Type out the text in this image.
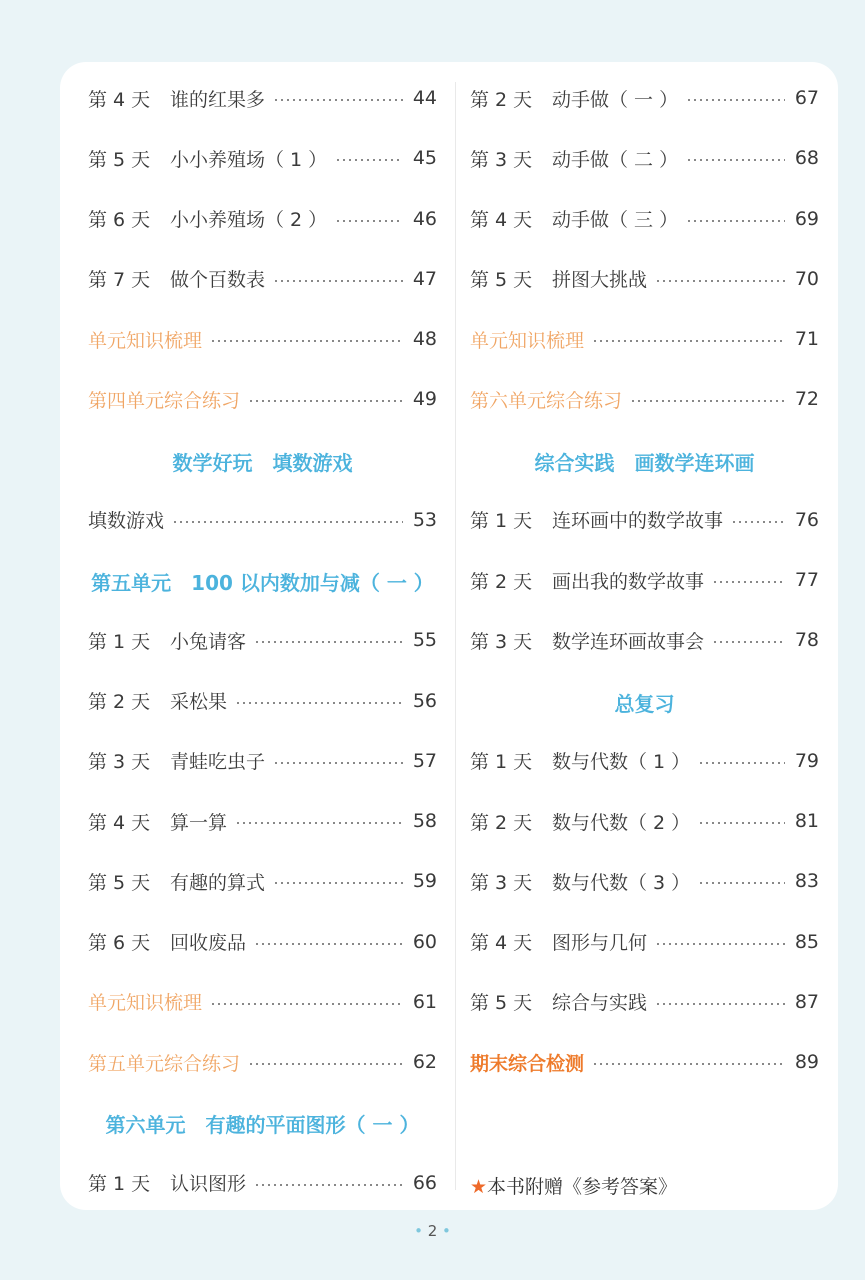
第 4 天	谁的红果多	44
第 5 天	小小养殖场（ 1 ）	45
第 6 天	小小养殖场（ 2 ）	46
第 7 天	做个百数表	47
单元知识梳理	48
第四单元综合练习	49
数学好玩　填数游戏
填数游戏	53
第五单元　100 以内数加与减（ 一 ）
第 1 天	小兔请客	55
第 2 天	采松果	56
第 3 天	青蛙吃虫子	57
第 4 天	算一算	58
第 5 天	有趣的算式	59
第 6 天	回收废品	60
单元知识梳理	61
第五单元综合练习	62
第六单元　有趣的平面图形（ 一 ）
第 1 天	认识图形	66
第 2 天	动手做（ 一 ）	67
第 3 天	动手做（ 二 ）	68
第 4 天	动手做（ 三 ）	69
第 5 天	拼图大挑战	70
单元知识梳理	71
第六单元综合练习	72
综合实践　画数学连环画
第 1 天	连环画中的数学故事	76
第 2 天	画出我的数学故事	77
第 3 天	数学连环画故事会	78
总复习
第 1 天	数与代数（ 1 ）	79
第 2 天	数与代数（ 2 ）	81
第 3 天	数与代数（ 3 ）	83
第 4 天	图形与几何	85
第 5 天	综合与实践	87
期末综合检测	89
★本书附赠《参考答案》
• 2 •
